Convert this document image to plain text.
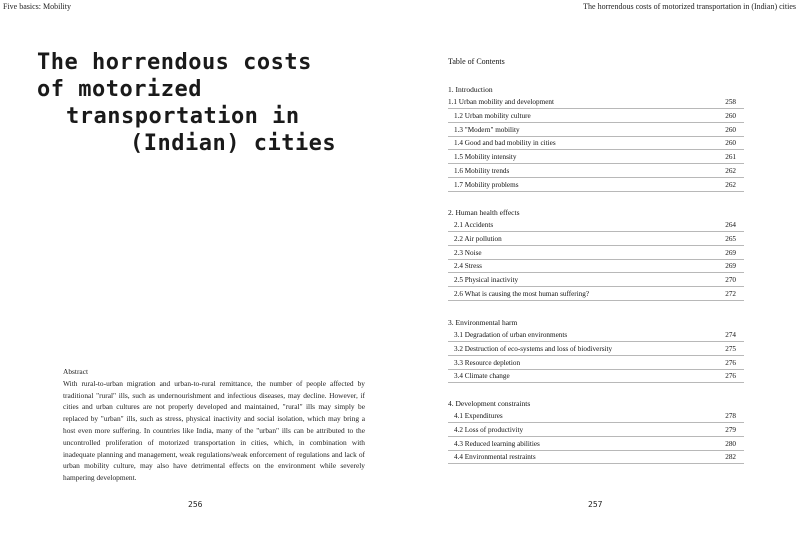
Five basics: Mobility
The horrendous costs
of motorized
transportation in
(Indian) cities
Abstract
With rural-to-urban migration and urban-to-rural remittance, the number of people affected by traditional "rural" ills, such as undernourishment and infectious diseases, may decline. However, if cities and urban cultures are not properly developed and maintained, "rural" ills may simply be replaced by "urban" ills, such as stress, physical inactivity and social isolation, which may bring a host even more suffering. In countries like India, many of the "urban" ills can be attributed to the uncontrolled proliferation of motorized transportation in cities, which, in combination with inadequate planning and management, weak regulations/weak enforcement of regulations and lack of urban mobility culture, may also have detrimental effects on the environment while severely hampering development.
256
The horrendous costs of motorized transportation in (Indian) cities
Table of Contents
1. Introduction
1.1 Urban mobility and development	258
1.2 Urban mobility culture	260
1.3 "Modern" mobility	260
1.4 Good and bad mobility in cities	260
1.5 Mobility intensity	261
1.6 Mobility trends	262
1.7 Mobility problems	262
2. Human health effects
2.1 Accidents	264
2.2 Air pollution	265
2.3 Noise	269
2.4 Stress	269
2.5 Physical inactivity	270
2.6 What is causing the most human suffering?	272
3. Environmental harm
3.1 Degradation of urban environments	274
3.2 Destruction of eco-systems and loss of biodiversity	275
3.3 Resource depletion	276
3.4 Climate change	276
4. Development constraints
4.1 Expenditures	278
4.2 Loss of productivity	279
4.3 Reduced learning abilities	280
4.4 Environmental restraints	282
257
